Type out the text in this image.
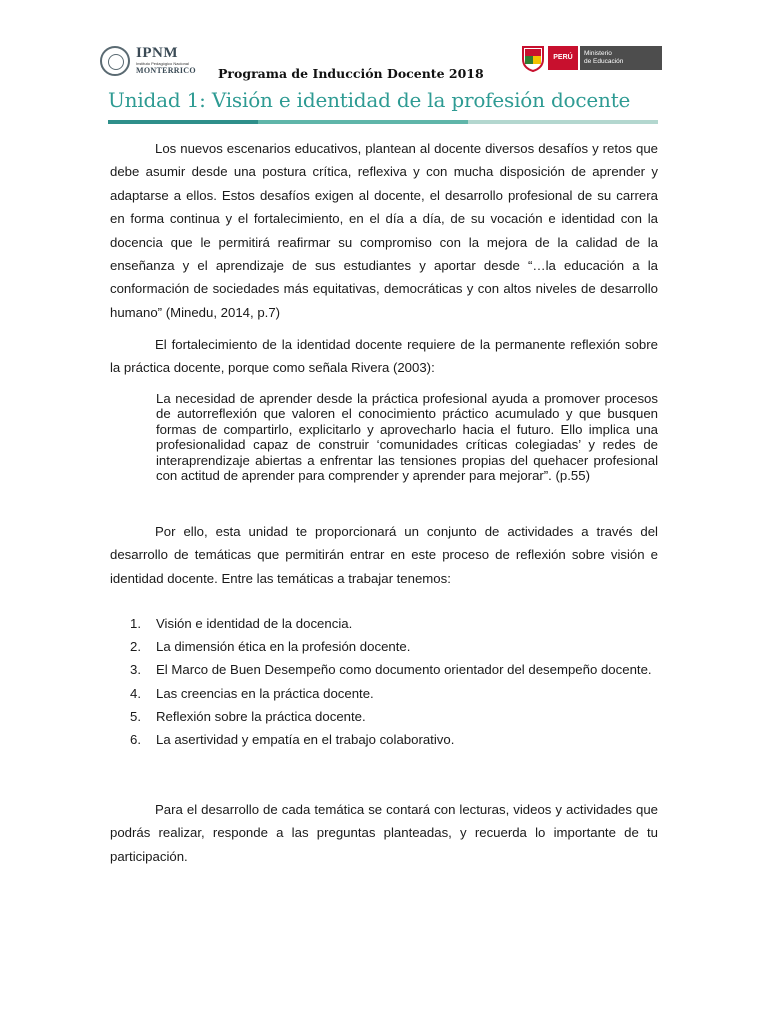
IPNM
Instituto Pedagógico Nacional
MONTERRICO Programa de Inducción Docente 2018
PERÚ
Ministerio
de Educación
Unidad 1: Visión e identidad de la profesión docente

Los nuevos escenarios educativos, plantean al docente diversos desafíos y retos que debe asumir desde una postura crítica, reflexiva y con mucha disposición de aprender y adaptarse a ellos. Estos desafíos exigen al docente, el desarrollo profesional de su carrera en forma continua y el fortalecimiento, en el día a día, de su vocación e identidad con la docencia que le permitirá reafirmar su compromiso con la mejora de la calidad de la enseñanza y el aprendizaje de sus estudiantes y aportar desde “…la educación a la conformación de sociedades más equitativas, democráticas y con altos niveles de desarrollo humano” (Minedu, 2014, p.7)

El fortalecimiento de la identidad docente requiere de la permanente reflexión sobre la práctica docente, porque como señala Rivera (2003):

La necesidad de aprender desde la práctica profesional ayuda a promover procesos de autorreflexión que valoren el conocimiento práctico acumulado y que busquen formas de compartirlo, explicitarlo y aprovecharlo hacia el futuro. Ello implica una profesionalidad capaz de construir ‘comunidades críticas colegiadas’ y redes de interaprendizaje abiertas a enfrentar las tensiones propias del quehacer profesional con actitud de aprender para comprender y aprender para mejorar”. (p.55)

Por ello, esta unidad te proporcionará un conjunto de actividades a través del desarrollo de temáticas que permitirán entrar en este proceso de reflexión sobre visión e identidad docente. Entre las temáticas a trabajar tenemos:

1. Visión e identidad de la docencia.
2. La dimensión ética en la profesión docente.
3. El Marco de Buen Desempeño como documento orientador del desempeño docente.
4. Las creencias en la práctica docente.
5. Reflexión sobre la práctica docente.
6. La asertividad y empatía en el trabajo colaborativo.

Para el desarrollo de cada temática se contará con lecturas, videos y actividades que podrás realizar, responde a las preguntas planteadas, y recuerda lo importante de tu participación.
